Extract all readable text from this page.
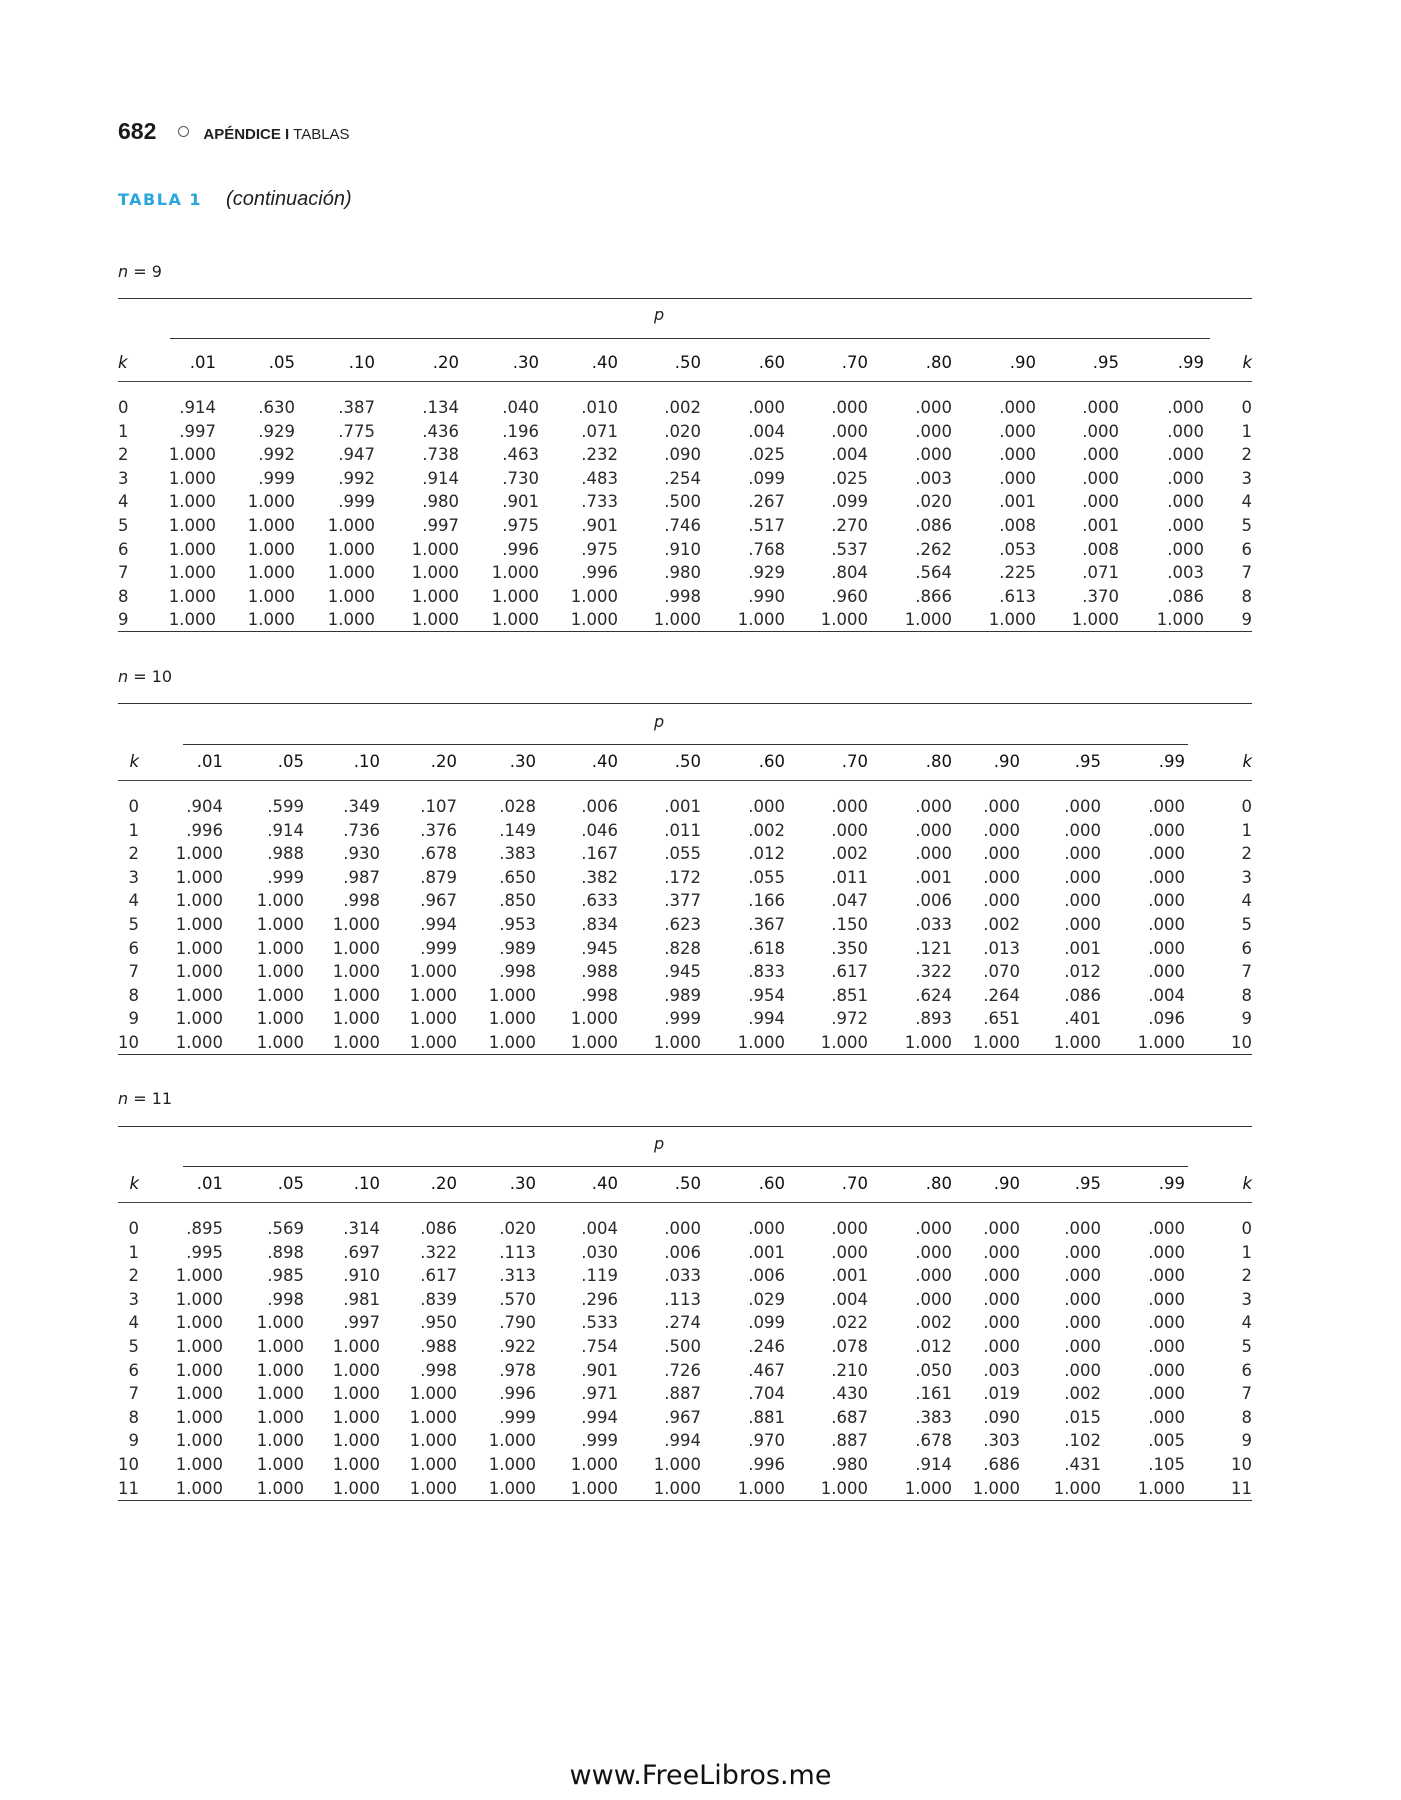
682	APÉNDICE I TABLAS
TABLA 1 (continuación)
n = 9
p
k	.01	.05	.10	.20	.30	.40	.50	.60	.70	.80	.90	.95	.99	k
0	.914	.630	.387	.134	.040	.010	.002	.000	.000	.000	.000	.000	.000	0
1	.997	.929	.775	.436	.196	.071	.020	.004	.000	.000	.000	.000	.000	1
2	1.000	.992	.947	.738	.463	.232	.090	.025	.004	.000	.000	.000	.000	2
3	1.000	.999	.992	.914	.730	.483	.254	.099	.025	.003	.000	.000	.000	3
4	1.000	1.000	.999	.980	.901	.733	.500	.267	.099	.020	.001	.000	.000	4
5	1.000	1.000	1.000	.997	.975	.901	.746	.517	.270	.086	.008	.001	.000	5
6	1.000	1.000	1.000	1.000	.996	.975	.910	.768	.537	.262	.053	.008	.000	6
7	1.000	1.000	1.000	1.000	1.000	.996	.980	.929	.804	.564	.225	.071	.003	7
8	1.000	1.000	1.000	1.000	1.000	1.000	.998	.990	.960	.866	.613	.370	.086	8
9	1.000	1.000	1.000	1.000	1.000	1.000	1.000	1.000	1.000	1.000	1.000	1.000	1.000	9
n = 10
p
k	.01	.05	.10	.20	.30	.40	.50	.60	.70	.80	.90	.95	.99	k
0	.904	.599	.349	.107	.028	.006	.001	.000	.000	.000	.000	.000	.000	0
1	.996	.914	.736	.376	.149	.046	.011	.002	.000	.000	.000	.000	.000	1
2	1.000	.988	.930	.678	.383	.167	.055	.012	.002	.000	.000	.000	.000	2
3	1.000	.999	.987	.879	.650	.382	.172	.055	.011	.001	.000	.000	.000	3
4	1.000	1.000	.998	.967	.850	.633	.377	.166	.047	.006	.000	.000	.000	4
5	1.000	1.000	1.000	.994	.953	.834	.623	.367	.150	.033	.002	.000	.000	5
6	1.000	1.000	1.000	.999	.989	.945	.828	.618	.350	.121	.013	.001	.000	6
7	1.000	1.000	1.000	1.000	.998	.988	.945	.833	.617	.322	.070	.012	.000	7
8	1.000	1.000	1.000	1.000	1.000	.998	.989	.954	.851	.624	.264	.086	.004	8
9	1.000	1.000	1.000	1.000	1.000	1.000	.999	.994	.972	.893	.651	.401	.096	9
10	1.000	1.000	1.000	1.000	1.000	1.000	1.000	1.000	1.000	1.000	1.000	1.000	1.000	10
n = 11
p
k	.01	.05	.10	.20	.30	.40	.50	.60	.70	.80	.90	.95	.99	k
0	.895	.569	.314	.086	.020	.004	.000	.000	.000	.000	.000	.000	.000	0
1	.995	.898	.697	.322	.113	.030	.006	.001	.000	.000	.000	.000	.000	1
2	1.000	.985	.910	.617	.313	.119	.033	.006	.001	.000	.000	.000	.000	2
3	1.000	.998	.981	.839	.570	.296	.113	.029	.004	.000	.000	.000	.000	3
4	1.000	1.000	.997	.950	.790	.533	.274	.099	.022	.002	.000	.000	.000	4
5	1.000	1.000	1.000	.988	.922	.754	.500	.246	.078	.012	.000	.000	.000	5
6	1.000	1.000	1.000	.998	.978	.901	.726	.467	.210	.050	.003	.000	.000	6
7	1.000	1.000	1.000	1.000	.996	.971	.887	.704	.430	.161	.019	.002	.000	7
8	1.000	1.000	1.000	1.000	.999	.994	.967	.881	.687	.383	.090	.015	.000	8
9	1.000	1.000	1.000	1.000	1.000	.999	.994	.970	.887	.678	.303	.102	.005	9
10	1.000	1.000	1.000	1.000	1.000	1.000	1.000	.996	.980	.914	.686	.431	.105	10
11	1.000	1.000	1.000	1.000	1.000	1.000	1.000	1.000	1.000	1.000	1.000	1.000	1.000	11
www.FreeLibros.me
